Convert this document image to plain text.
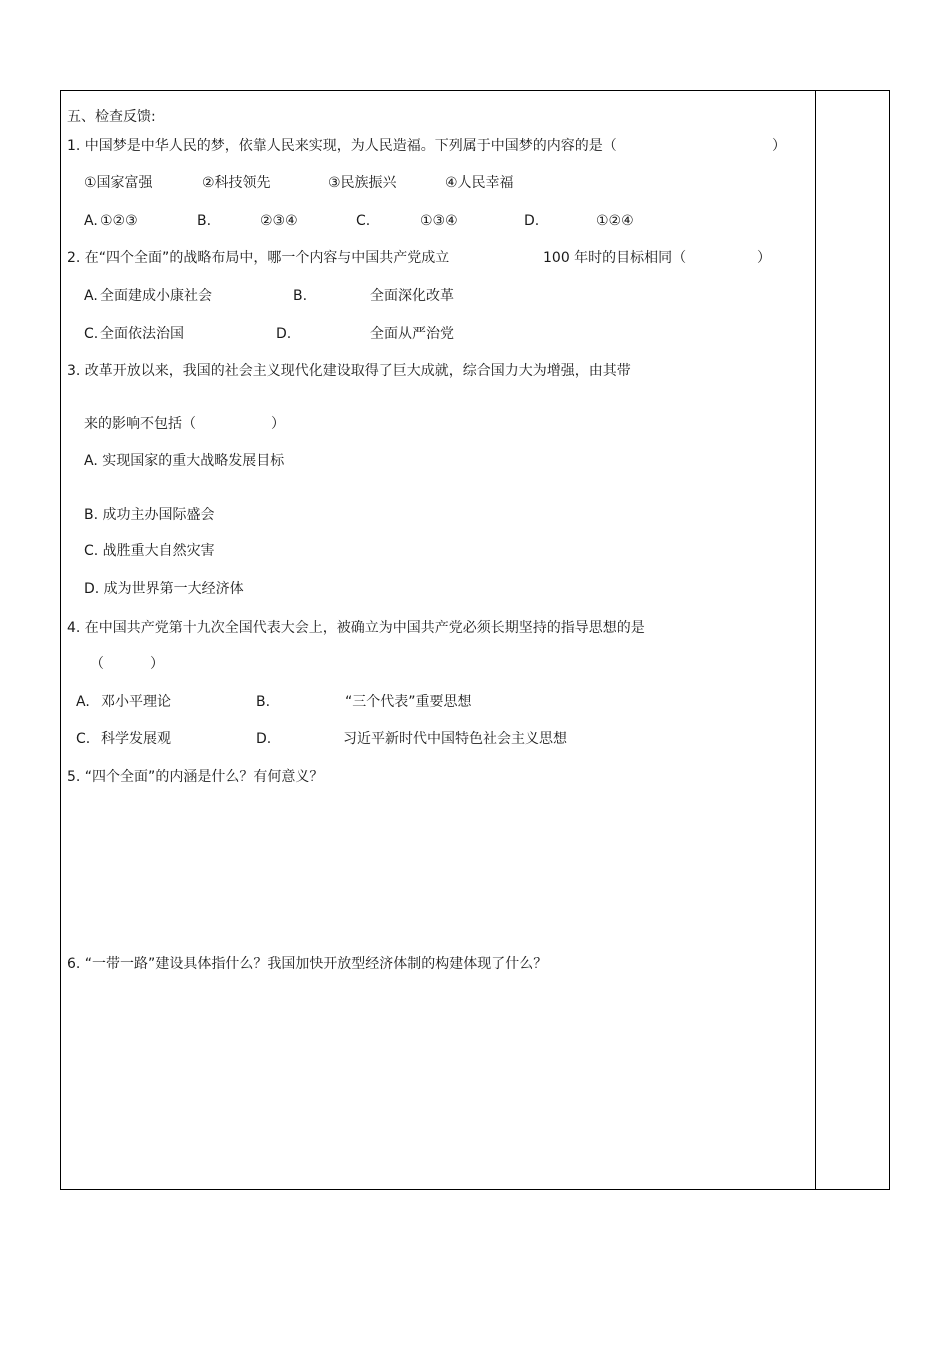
五、检查反馈:
1. 中国梦是中华人民的梦，依靠人民来实现，为人民造福。下列属于中国梦的内容的是（	）
①国家富强	②科技领先	③民族振兴	④人民幸福
A. ①②③	B.	②③④	C.	①③④	D.	①②④
2. 在“四个全面”的战略布局中，哪一个内容与中国共产党成立	100 年时的目标相同（	）
A. 全面建成小康社会	B.	全面深化改革
C. 全面依法治国	D.	全面从严治党
3. 改革开放以来，我国的社会主义现代化建设取得了巨大成就，综合国力大为增强，由其带
来的影响不包括（	）
A. 实现国家的重大战略发展目标
B. 成功主办国际盛会
C. 战胜重大自然灾害
D. 成为世界第一大经济体
4. 在中国共产党第十九次全国代表大会上，被确立为中国共产党必须长期坚持的指导思想的是
（	）
A. 邓小平理论	B.	“三个代表”重要思想
C. 科学发展观	D.	习近平新时代中国特色社会主义思想
5. “四个全面”的内涵是什么？有何意义？
6. “一带一路”建设具体指什么？我国加快开放型经济体制的构建体现了什么？
